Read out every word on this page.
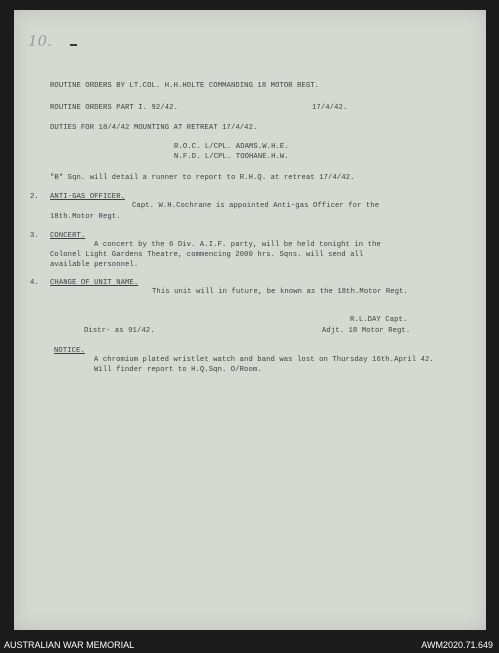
10.
ROUTINE ORDERS BY LT.COL. H.H.HOLTE COMMANDING 18 MOTOR REGT.
ROUTINE ORDERS PART I. 92/42.	17/4/42.
DUTIES FOR 18/4/42 MOUNTING AT RETREAT 17/4/42.
R.O.C. L/CPL. ADAMS.W.H.E.
N.F.D. L/CPL. TOOHANE.H.W.
"B" Sqn. will detail a runner to report to R.H.Q. at retreat 17/4/42.
2. ANTI-GAS OFFICER.
Capt. W.H.Cochrane is appointed Anti-gas Officer for the
18th.Motor Regt.
3. CONCERT.
A concert by the 6 Div. A.I.F. party, will be held tonight in the
Colonel Light Gardens Theatre, commencing 2000 hrs. Sqns. will send all
available personnel.
4. CHANGE OF UNIT NAME.
This unit will in future, be known as the 18th.Motor Regt.
R.L.DAY Capt.
Distr- as 91/42.	Adjt. 18 Motor Regt.
NOTICE.
A chromium plated wristlet watch and band was lost on Thursday 16th.April 42.
Will finder report to H.Q.Sqn. O/Room.
AUSTRALIAN WAR MEMORIAL	AWM2020.71.649
